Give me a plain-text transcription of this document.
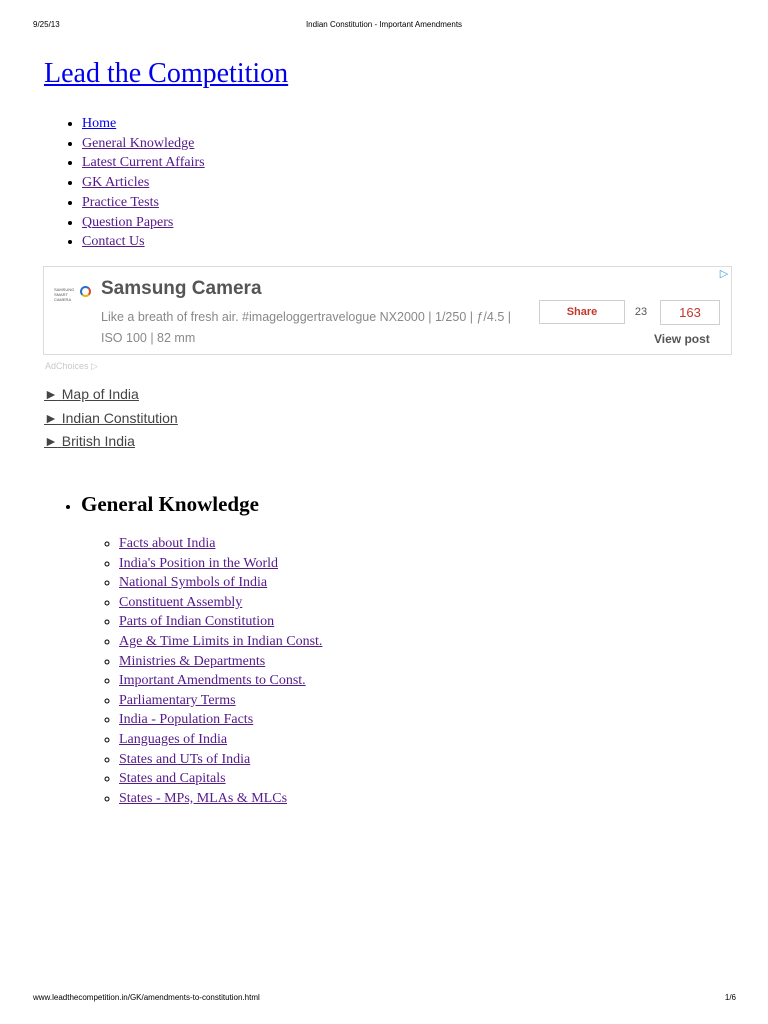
9/25/13	Indian Constitution - Important Amendments
Lead the Competition
• Home
• General Knowledge
• Latest Current Affairs
• GK Articles
• Practice Tests
• Question Papers
• Contact Us
SAMSUNG SMART CAMERA
Samsung Camera
Like a breath of fresh air. #imageloggertravelogue NX2000 | 1/250 | ƒ/4.5 | ISO 100 | 82 mm
Share	23	163
View post
▷
AdChoices ▷
► Map of India
► Indian Constitution
► British India
• General Knowledge
◦ Facts about India
◦ India's Position in the World
◦ National Symbols of India
◦ Constituent Assembly
◦ Parts of Indian Constitution
◦ Age & Time Limits in Indian Const.
◦ Ministries & Departments
◦ Important Amendments to Const.
◦ Parliamentary Terms
◦ India - Population Facts
◦ Languages of India
◦ States and UTs of India
◦ States and Capitals
◦ States - MPs, MLAs & MLCs
www.leadthecompetition.in/GK/amendments-to-constitution.html	1/6
